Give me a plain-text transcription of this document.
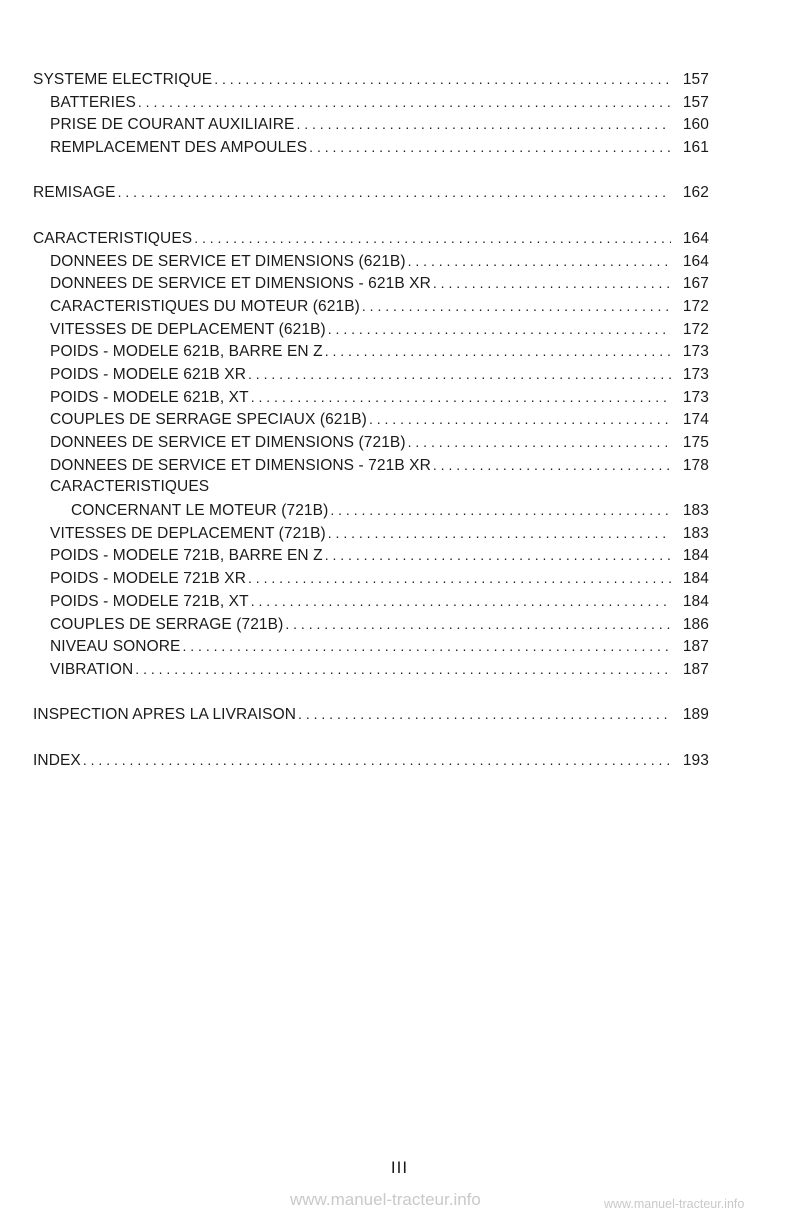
SYSTEME ELECTRIQUE . . .	157
BATTERIES . . .	157
PRISE DE COURANT AUXILIAIRE . . .	160
REMPLACEMENT DES AMPOULES . . .	161
REMISAGE . . .	162
CARACTERISTIQUES . . .	164
DONNEES DE SERVICE ET DIMENSIONS (621B) . . .	164
DONNEES DE SERVICE ET DIMENSIONS - 621B XR . . .	167
CARACTERISTIQUES DU MOTEUR (621B) . . .	172
VITESSES DE DEPLACEMENT (621B) . . .	172
POIDS - MODELE 621B, BARRE EN Z . . .	173
POIDS - MODELE 621B XR . . .	173
POIDS - MODELE 621B, XT . . .	173
COUPLES DE SERRAGE SPECIAUX (621B) . . .	174
DONNEES DE SERVICE ET DIMENSIONS (721B) . . .	175
DONNEES DE SERVICE ET DIMENSIONS - 721B XR . . .	178
CARACTERISTIQUES
CONCERNANT LE MOTEUR (721B) . . .	183
VITESSES DE DEPLACEMENT (721B) . . .	183
POIDS - MODELE 721B, BARRE EN Z . . .	184
POIDS - MODELE 721B XR . . .	184
POIDS - MODELE 721B, XT . . .	184
COUPLES DE SERRAGE (721B) . . .	186
NIVEAU SONORE . . .	187
VIBRATION . . .	187
INSPECTION APRES LA LIVRAISON . . .	189
INDEX . . .	193
III
www.manuel-tracteur.info	www.manuel-tracteur.info
